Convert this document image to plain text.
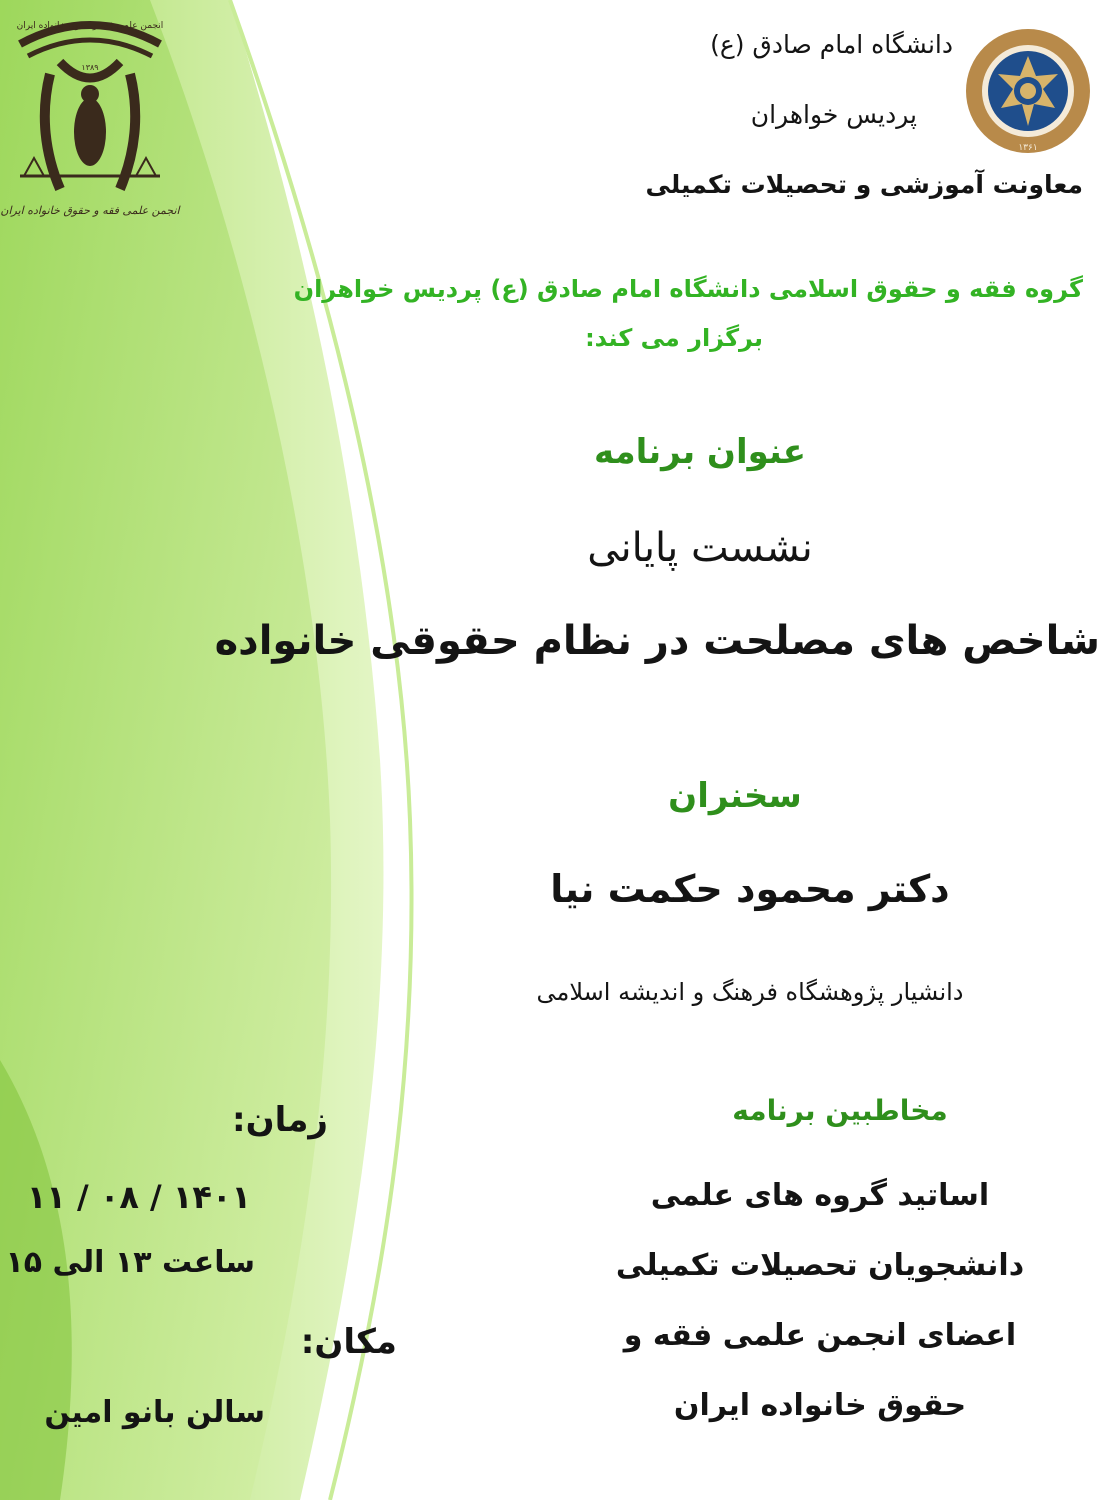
انجمن علمی فقه و حقوق خانواده ایران
۱۳۸۹
انجمن علمی فقه و حقوق خانواده ایران
۱۳۶۱
دانشگاه امام صادق (ع)
پردیس خواهران
معاونت آموزشی و تحصیلات تکمیلی
گروه فقه و حقوق اسلامی دانشگاه امام صادق (ع) پردیس خواهران
برگزار می کند:
عنوان برنامه
نشست پایانی
شاخص های مصلحت در نظام حقوقی خانواده
سخنران
دکتر محمود حکمت نیا
دانشیار پژوهشگاه فرهنگ و اندیشه اسلامی
مخاطبین برنامه
اساتید گروه های علمی
دانشجویان تحصیلات تکمیلی
اعضای انجمن علمی فقه و
حقوق خانواده ایران
زمان:
۱۴۰۱ / ۰۸ / ۱۱
ساعت ۱۳ الی ۱۵
مکان:
سالن بانو امین
